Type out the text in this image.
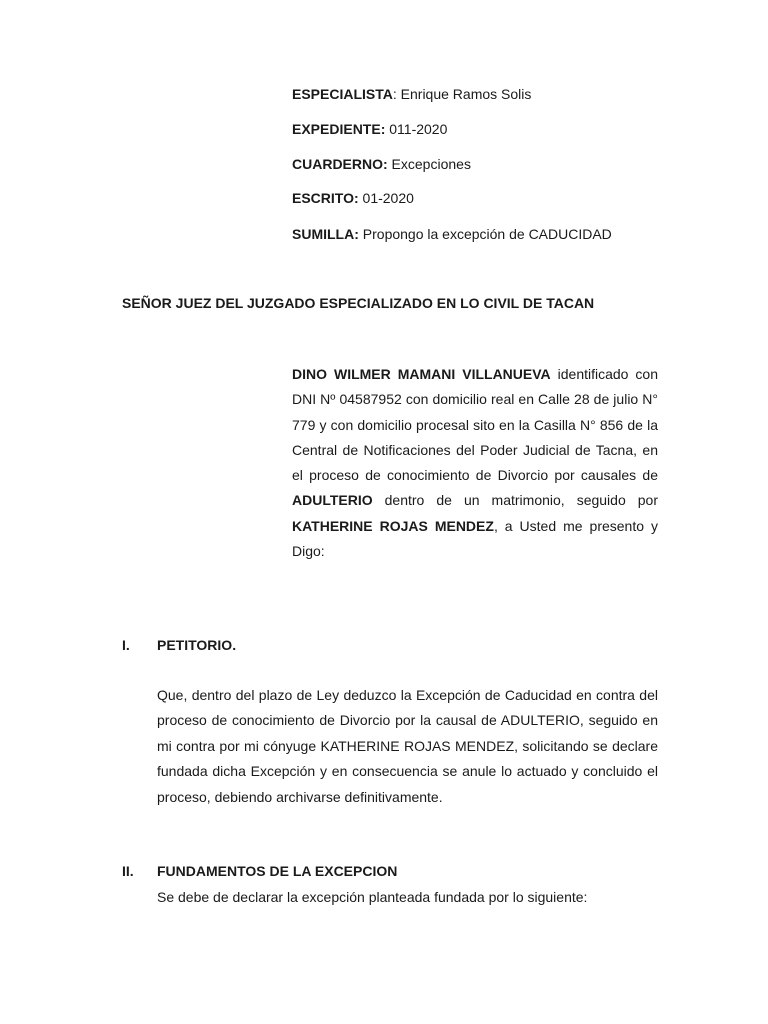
ESPECIALISTA: Enrique Ramos Solis

EXPEDIENTE: 011-2020

CUARDERNO: Excepciones

ESCRITO: 01-2020

SUMILLA: Propongo la excepción de CADUCIDAD

SEÑOR JUEZ DEL JUZGADO ESPECIALIZADO EN LO CIVIL DE TACAN

DINO WILMER MAMANI VILLANUEVA identificado con DNI Nº 04587952 con domicilio real en Calle 28 de julio N° 779 y con domicilio procesal sito en la Casilla N° 856 de la Central de Notificaciones del Poder Judicial de Tacna, en el proceso de conocimiento de Divorcio por causales de ADULTERIO dentro de un matrimonio, seguido por KATHERINE ROJAS MENDEZ, a Usted me presento y Digo:

I. PETITORIO.

Que, dentro del plazo de Ley deduzco la Excepción de Caducidad en contra del proceso de conocimiento de Divorcio por la causal de ADULTERIO, seguido en mi contra por mi cónyuge KATHERINE ROJAS MENDEZ, solicitando se declare fundada dicha Excepción y en consecuencia se anule lo actuado y concluido el proceso, debiendo archivarse definitivamente.

II. FUNDAMENTOS DE LA EXCEPCION

Se debe de declarar la excepción planteada fundada por lo siguiente:
